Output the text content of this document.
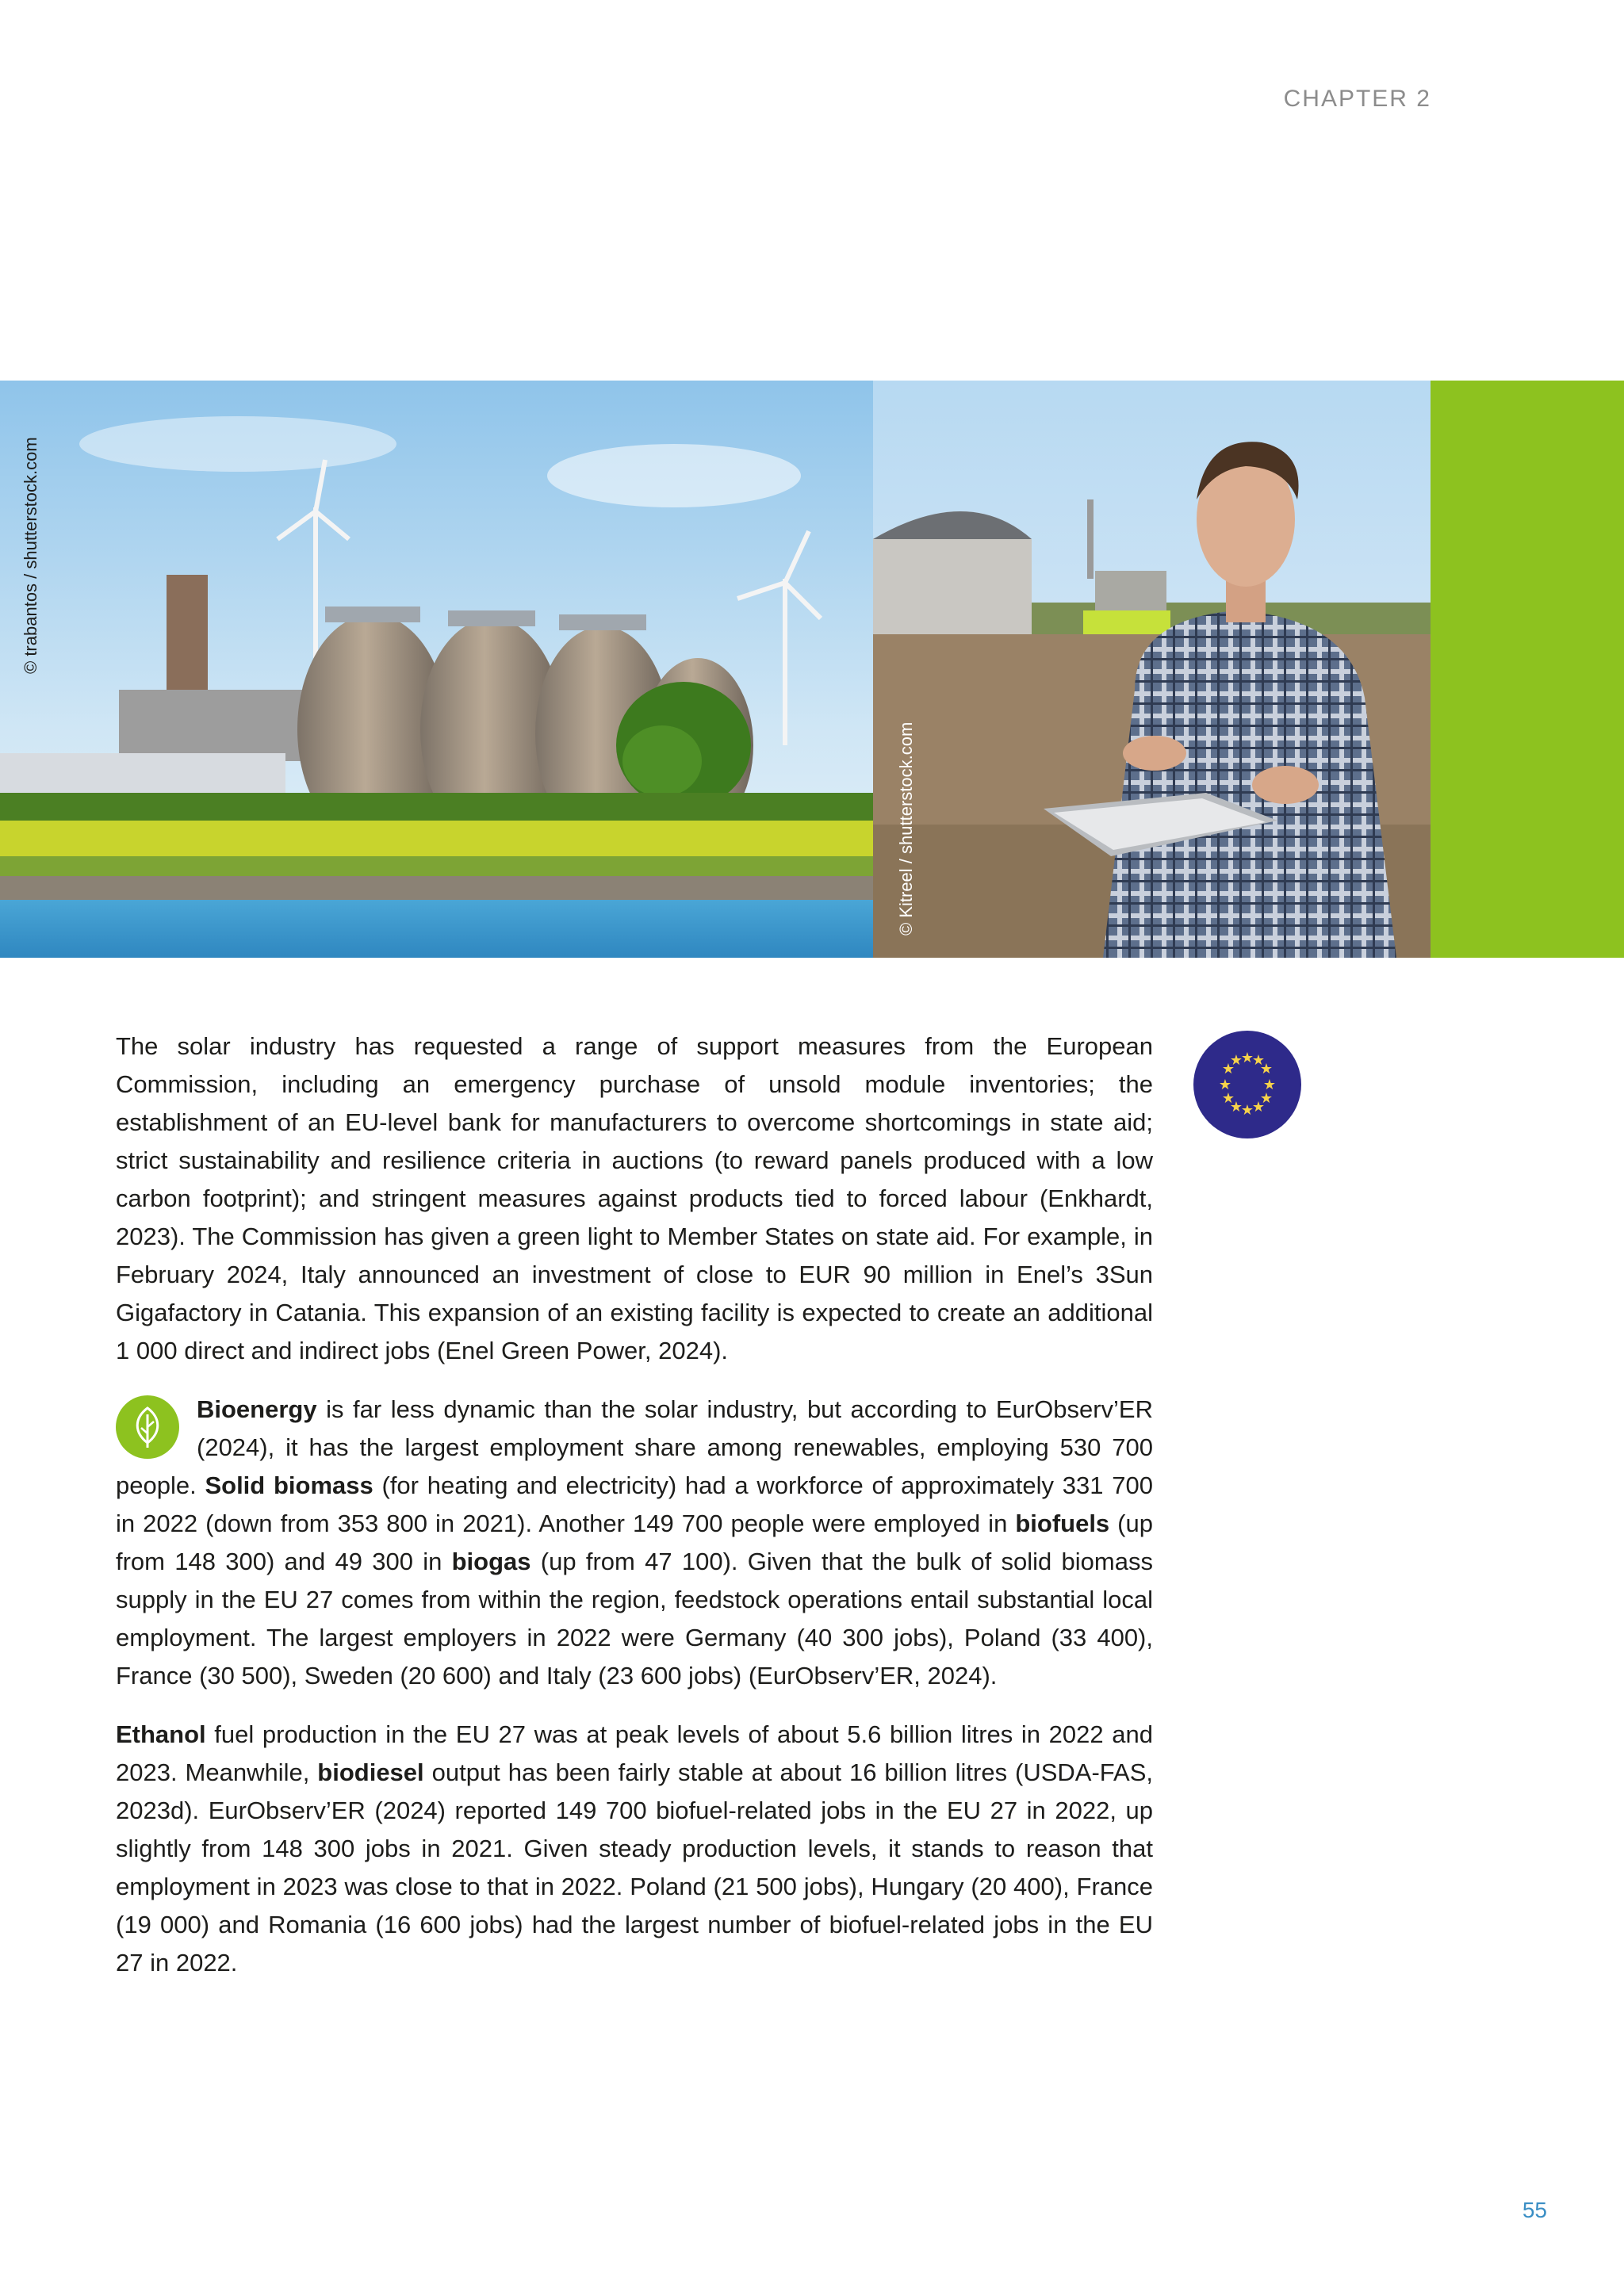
CHAPTER 2
© trabantos / shutterstock.com
© Kitreel / shutterstock.com
★
★
★
★
★
★
★
★
★
★
★
★

The solar industry has requested a range of support measures from the European Commission, including an emergency purchase of unsold module inventories; the establishment of an EU-level bank for manufacturers to overcome shortcomings in state aid; strict sustainability and resilience criteria in auctions (to reward panels produced with a low carbon footprint); and stringent measures against products tied to forced labour (Enkhardt, 2023). The Commission has given a green light to Member States on state aid. For example, in February 2024, Italy announced an investment of close to EUR 90 million in Enel’s 3Sun Gigafactory in Catania. This expansion of an existing facility is expected to create an additional 1 000 direct and indirect jobs (Enel Green Power, 2024).

Bioenergy is far less dynamic than the solar industry, but according to EurObserv’ER (2024), it has the largest employment share among renewables, employing 530 700 people. Solid biomass (for heating and electricity) had a workforce of approximately 331 700 in 2022 (down from 353 800 in 2021). Another 149 700 people were employed in biofuels (up from 148 300) and 49 300 in biogas (up from 47 100). Given that the bulk of solid biomass supply in the EU 27 comes from within the region, feedstock operations entail substantial local employment. The largest employers in 2022 were Germany (40 300 jobs), Poland (33 400), France (30 500), Sweden (20 600) and Italy (23 600 jobs) (EurObserv’ER, 2024).

Ethanol fuel production in the EU 27 was at peak levels of about 5.6 billion litres in 2022 and 2023. Meanwhile, biodiesel output has been fairly stable at about 16 billion litres (USDA-FAS, 2023d). EurObserv’ER (2024) reported 149 700 biofuel-related jobs in the EU 27 in 2022, up slightly from 148 300 jobs in 2021. Given steady production levels, it stands to reason that employment in 2023 was close to that in 2022. Poland (21 500 jobs), Hungary (20 400), France (19 000) and Romania (16 600 jobs) had the largest number of biofuel-related jobs in the EU 27 in 2022.

55
